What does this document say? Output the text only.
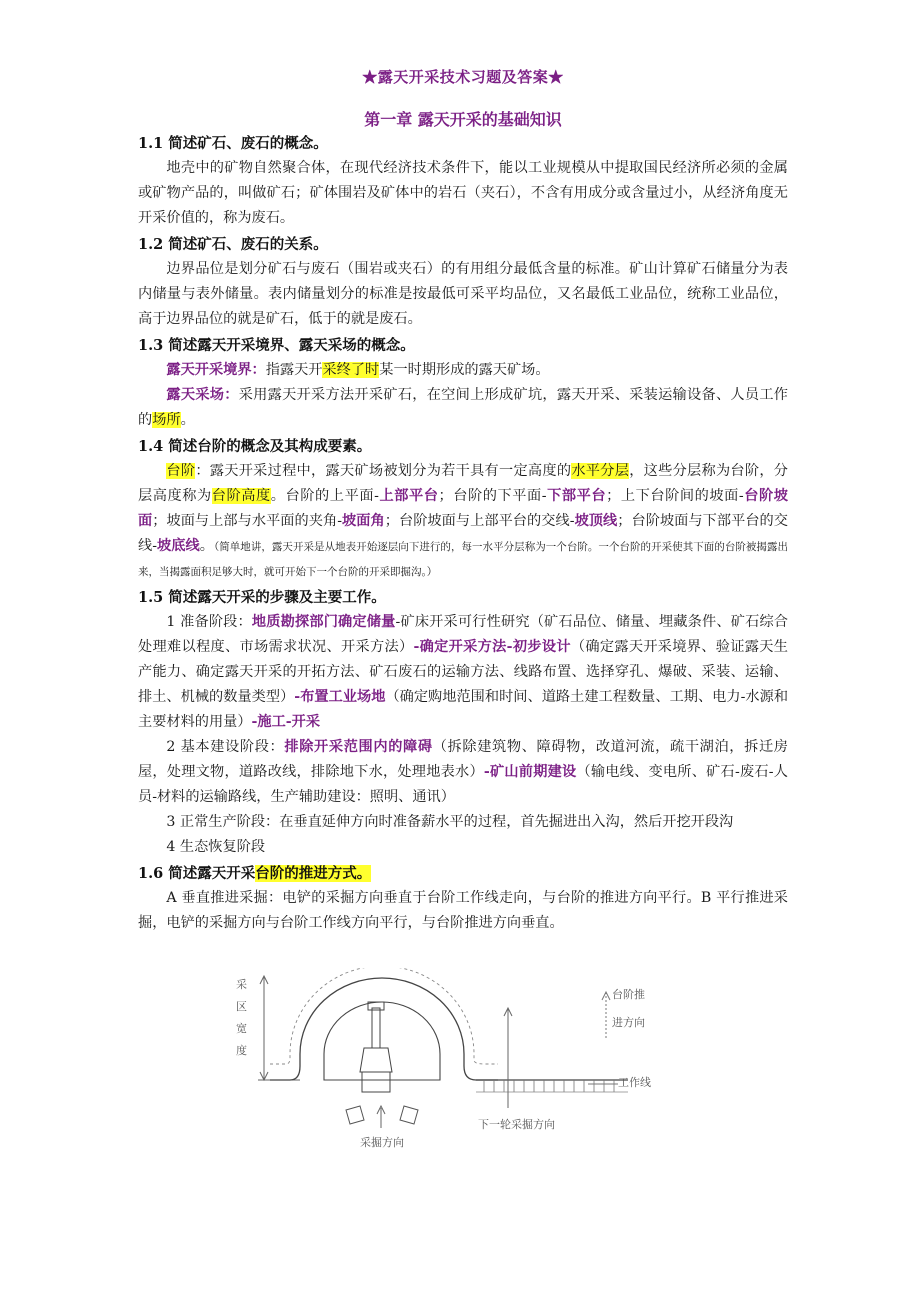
★露天开采技术习题及答案★
第一章 露天开采的基础知识
1.1 简述矿石、废石的概念。

地壳中的矿物自然聚合体，在现代经济技术条件下，能以工业规模从中提取国民经济所必须的金属或矿物产品的，叫做矿石；矿体围岩及矿体中的岩石（夹石），不含有用成分或含量过小，从经济角度无开采价值的，称为废石。

1.2 简述矿石、废石的关系。

边界品位是划分矿石与废石（围岩或夹石）的有用组分最低含量的标准。矿山计算矿石储量分为表内储量与表外储量。表内储量划分的标准是按最低可采平均品位，又名最低工业品位，统称工业品位，高于边界品位的就是矿石，低于的就是废石。

1.3 简述露天开采境界、露天采场的概念。

露天开采境界：指露天开采终了时某一时期形成的露天矿场。

露天采场：采用露天开采方法开采矿石，在空间上形成矿坑，露天开采、采装运输设备、人员工作的场所。

1.4 简述台阶的概念及其构成要素。

台阶：露天开采过程中，露天矿场被划分为若干具有一定高度的水平分层，这些分层称为台阶，分层高度称为台阶高度。台阶的上平面-上部平台；台阶的下平面-下部平台；上下台阶间的坡面-台阶坡面；坡面与上部与水平面的夹角-坡面角；台阶坡面与上部平台的交线-坡顶线；台阶坡面与下部平台的交线-坡底线。（简单地讲，露天开采是从地表开始逐层向下进行的，每一水平分层称为一个台阶。一个台阶的开采使其下面的台阶被揭露出来，当揭露面积足够大时，就可开始下一个台阶的开采即掘沟。）

1.5 简述露天开采的步骤及主要工作。

1 准备阶段：地质勘探部门确定储量-矿床开采可行性研究（矿石品位、储量、埋藏条件、矿石综合处理难以程度、市场需求状况、开采方法）-确定开采方法-初步设计（确定露天开采境界、验证露天生产能力、确定露天开采的开拓方法、矿石废石的运输方法、线路布置、选择穿孔、爆破、采装、运输、排土、机械的数量类型）-布置工业场地（确定购地范围和时间、道路土建工程数量、工期、电力-水源和主要材料的用量）-施工-开采

2 基本建设阶段：排除开采范围内的障碍（拆除建筑物、障碍物，改道河流，疏干湖泊，拆迁房屋，处理文物，道路改线，排除地下水，处理地表水）-矿山前期建设（输电线、变电所、矿石-废石-人员-材料的运输路线，生产辅助建设：照明、通讯）

3 正常生产阶段：在垂直延伸方向时准备薪水平的过程，首先掘进出入沟，然后开挖开段沟

4 生态恢复阶段

1.6 简述露天开采台阶的推进方式。

A 垂直推进采掘：电铲的采掘方向垂直于台阶工作线走向，与台阶的推进方向平行。B 平行推进采掘，电铲的采掘方向与台阶工作线方向平行，与台阶推进方向垂直。

采区宽度
台阶推
进方向
工作线
下一轮采掘方向
采掘方向
